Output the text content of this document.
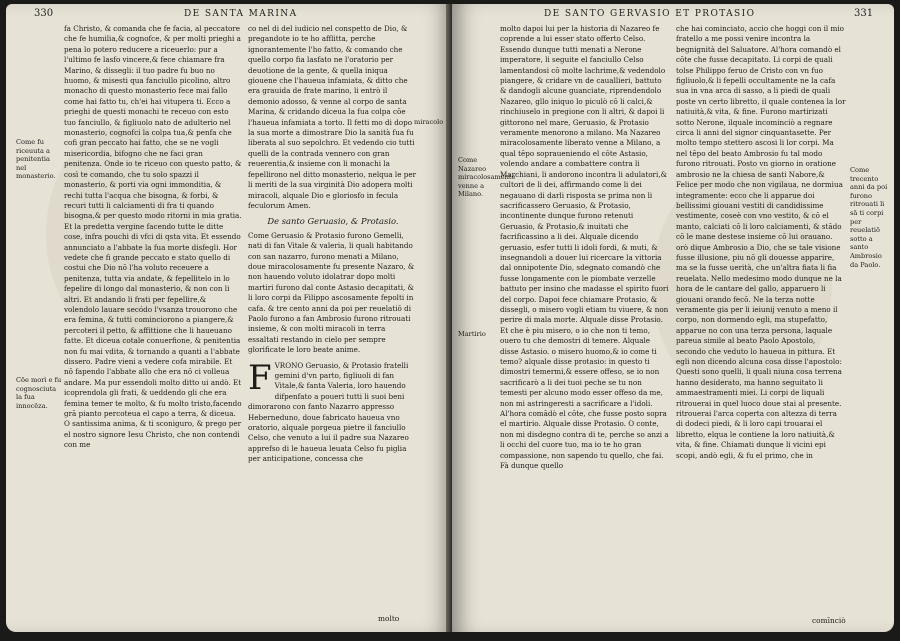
330	DE SANTA MARINA
Come fu riceuuta a penitentia nel monasterio.
Cōe morì e fu cognosciuta la fua innocēza.

fa Christo, & comanda che fe facia, al peccatore che fe humilia,& cognofce, & per molti prieghi a pena lo potero reducere a riceuerlo: pur a l'ultimo fe lasfo vincere,& fece chiamare fra Marino, & dissegli: il tuo padre fu buo no huomo, & misesti qua fanciullo picolino, altro monacho di questo monasterio fece mai fallo come hai fatto tu, ch'ei hai vitupera ti. Ecco a prieghi de questi monachi te receuo con esto tuo fanciullo, & figliuolo nato de adulterio nel monasterio, cognofci la colpa tua,& penfa che cofi gran peccato hai fatto, che se ne vogli misericordia, bifogno che ne faci gran penitenza. Onde io te riceuo con questo patto, & così te comando, che tu solo spazzi il monasterio, & porti via ogni immonditia, & rechi tutta l'acqua che bisogna, & forbi, & recuri tutti li calciamenti di fra ti quando bisogna,& per questo modo ritorni in mia gratia. Et la predetta vergine facendo tutte le ditte cose, infra pouchi di vfci di qsta vita. Et essendo annunciato a l'abbate la fua morte disfegli. Hor vedete che fi grande peccato e stato quello di costui che Dio nō l'ha voluto receuere a penitenza, tutta via andate, & fepellitelo in lo fepelire di longo dal monasterio, & non con li altri. Et andando li frati per fepellire,& volendolo lauare secódo l'vsanza trouorono che era femina, & tutti cominciorono a piangere,& percoteri il petto, & affittione che li haueuano fatte. Et diceua cotale conuerfione, & penitentia non fu mai vdita, & tornando a quanti a l'abbate dissero. Padre vieni a vedere cofa mirabile. Et nō fapendo l'abbate allo che era nō ci volleua andare. Ma pur essendoli molto ditto ui andò. Et icoprendola gli frati, & ueddendo gli che era femina temer te molto, & fu molto tristo,facendo grā pianto percoteua el capo a terra, & diceua. O santissima anima, & ti sconiguro, & prego per el nostro signore Iesu Christo, che non contendi con me

co nel di del iudicio nel conspetto de Dio, & pregandote io te ho afflitta, perche ignorantemente l'ho fatto, & comando che quello corpo fia lasfato ne l'oratorio per deuotione de la gente, & quella iniqua giouene che l'haueua infamiata, & ditto che era grauida de frate marino, li entrò il demonio adosso, & venne al corpo de santa Marina, & cridando diceua la fua colpa cōe l'haueua infamiata a torto. Il fetti mo di dopo la sua morte a dimostrare Dio la sanità fua fu liberata al suo sepolchro. Et vedendo cio tutti quelli de la contrada vennero con gran reuerentia,& insieme con li monachi la fepellirono nel ditto monasterio, nelqua le per li meriti de la sua virginità Dio adopera molti miracoli, alquale Dio e gloriosfo in fecula feculorum Amen.

De santo Geruasio, & Protasio.

Come Geruasio & Protasio furono Gemelli, nati di fan Vitale & valeria, li quali habitando con san nazarro, furono menati a Milano, doue miracolosamente fu presente Nazaro, & non hauendo voluto idolatrar dopo molti martiri furono dal conte Astasio decapitati, & li loro corpi da Filippo ascosamente fepolti in cafa. & tre cento anni da poi per reuelatiō di Paolo furono a fan Ambrosio furono ritrouati insieme, & con molti miracoli in terra essaltati restando in cielo per sempre glorificate le loro beate anime.

F VRONO Geruasio, & Protasio fratelli gemini d'vn parto, figliuoli di fan Vitale,& fanta Valeria, loro hauendo difpenfato a poueri tutti li suoi beni dimorarono con fanto Nazarro appresso Heberneduno, doue fabricato haueua vno oratorio, alquale porgeua pietre il fanciullo Celso, che venuto a lui il padre sua Nazareo apprefso di le haueua leuata Celso fu piglia per anticipatione, concessa che

molto
miracolo
DE SANTO GERVASIO ET PROTASIO	331
Come Nazareo miracolosamente venne a Milano.
Martirio

molto dapoi lui per la historia di Nazareo fe coprende a lui esser stato offerto Celso. Essendo dunque tutti menati a Nerone imperatore, li seguite el fanciullo Celso lamentandosi cō molte lachrime,& vedendolo piangere, & cridare vn de cauallieri, battuto & dandogli alcune guanciate, riprendendolo Nazareo, gllo iniquo lo piculò cō li calci,& rinchiuselo in pregione con li altri, & dapoi li gittorono nel mare, Geruasio, & Protasio veramente menorono a milano. Ma Nazareo miracolosamente liberato venne a Milano, a qual tēpo sopraueniendo el cōte Astasio, volendo andare a combattere contra li Marchiani, li andorono incontra li adulatori,& cultori de li dei, affirmando come li dei negauano di darli risposta se prima non li sacrificassero Geruasio, & Protasio, incontinente dunque furono retenuti Geruasio, & Protasio,& inuitati che facrificassino a li dei. Alquale dicendo geruasio, esfer tutti li idoli fordi, & muti, & insegnandoli a douer lui ricercare la vittoria dal onnipotente Dio, sdegnato comandò che fusse longamente con le piombate verzelle battuto per insino che madasse el spirito fuori del corpo. Dapoi fece chiamare Protasio, & dissegli, o misero vogli etiam tu viuere, & non perire di mala morte. Alquale disse Protasio. Et che è piu misero, o io che non ti temo, ouero tu che demostri di temere. Alquale disse Astasio. o misero huomo,& io come ti temo? alquale disse protasio: in questo ti dimostri temermi,& essere offeso, se io non sacrificarò a li dei tuoi peche se tu non temesti per alcuno modo esser offeso da me, non mi astringeresti a sacrificare a l'idoli. Al'hora comādò el cōte, che fusse posto sopra el martirio. Alquale disse Protasio. O conte, non mi disdegno contra di te, perche so anzi a li occhi del cuore tuo, ma io te ho gran compassione, non sapendo tu quello, che fai. Fà dunque quello

che hai cominciato, accio che hoggi con il mio fratello a me possi venire incontra la begnignità del Saluatore. Al'hora comandò el cōte che fusse decapitato. Li corpi de quali tolse Philippo feruo de Cristo con vn fuo figliuolo,& li fepelli occultamente ne la cafa sua in vna arca di sasso, a li piedi de quali poste vn certo libretto, il quale contenea la lor natiuità,& vita, & fine. Furono martirizati sotto Nerone, ilquale incominciò a regnare circa li anni del signor cinquantasette. Per molto tempo stettero ascosi li lor corpi. Ma nel tēpo del beato Ambrosio fu tal modo furono ritrouati. Posto vn giorno in oratione ambrosio ne la chiesa de santi Nabore,& Felice per modo che non vigilaua, ne dormiua integramente: ecco che li apparue doi bellissimi giouani vestiti di candidissime vestimente, coseè con vno vestito, & cō el manto, calciati cō li loro calciamenti, & stādo cō le mane destese insieme cō lui orauano. orò dique Ambrosio a Dio, che se tale visione fusse illusione, piu nō gli douesse apparire, ma se la fusse uerità, che un'altra fiata li fia reuelata. Nello medesimo modo dunque ne la hora de le cantare del gallo, apparuero li giouani orando fecō. Ne la terza notte veramente gia per li ieiunij venuto a meno il corpo, non dormendo egli, ma stupefatto, apparue no con una terza persona, laquale pareua simile al beato Paolo Apostolo, secondo che veduto lo haueua in pittura. Et egli non dicendo alcuna cosa disse l'apostolo: Questi sono quelli, li quali niuna cosa terrena hanno desiderato, ma hanno seguitato li ammaestramenti miei. Li corpi de liquali ritrouerai in quel luoco doue stai al presente. ritrouerai l'arca coperta con altezza di terra di dodeci piedi, & li loro capi trouarai el libretto, elqua le contiene la loro natiuità,& vita, & fine. Chiamati dunque li vicini epi scopi, andò egli, & fu el primo, che in

comīnciò
Come trecento anni da poi furono ritrouati li sā ti corpi per reuelatiō sotto a santo Ambrosio da Paolo.
